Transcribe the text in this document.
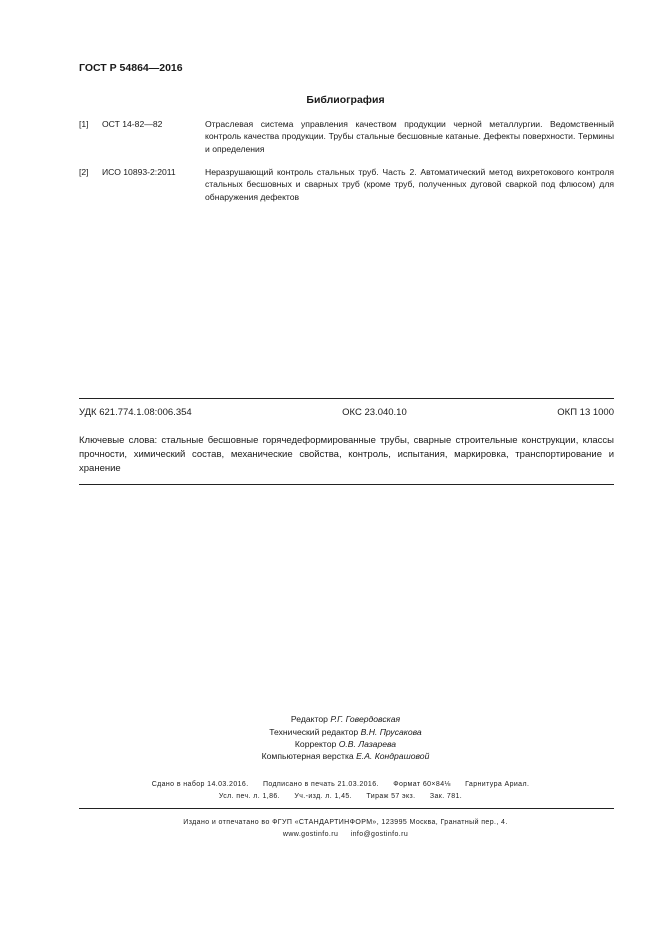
ГОСТ Р 54864—2016
Библиография
[1] ОСТ 14-82—82	Отраслевая система управления качеством продукции черной металлургии. Ведомственный контроль качества продукции. Трубы стальные бесшовные катаные. Дефекты поверхности. Термины и определения
[2] ИСО 10893-2:2011	Неразрушающий контроль стальных труб. Часть 2. Автоматический метод вихретокового контроля стальных бесшовных и сварных труб (кроме труб, полученных дуговой сваркой под флюсом) для обнаружения дефектов
УДК 621.774.1.08:006.354	ОКС 23.040.10	ОКП 13 1000
Ключевые слова: стальные бесшовные горячедеформированные трубы, сварные строительные конструкции, классы прочности, химический состав, механические свойства, контроль, испытания, маркировка, транспортирование и хранение
Редактор Р.Г. Говердовская
Технический редактор В.Н. Прусакова
Корректор О.В. Лазарева
Компьютерная верстка Е.А. Кондрашовой
Сдано в набор 14.03.2016. Подписано в печать 21.03.2016. Формат 60×84⅛ Гарнитура Ариал.
Усл. печ. л. 1,86. Уч.-изд. л. 1,45. Тираж 57 экз. Зак. 781.
Издано и отпечатано во ФГУП «СТАНДАРТИНФОРМ», 123995 Москва, Гранатный пер., 4.
www.gostinfo.ru info@gostinfo.ru
